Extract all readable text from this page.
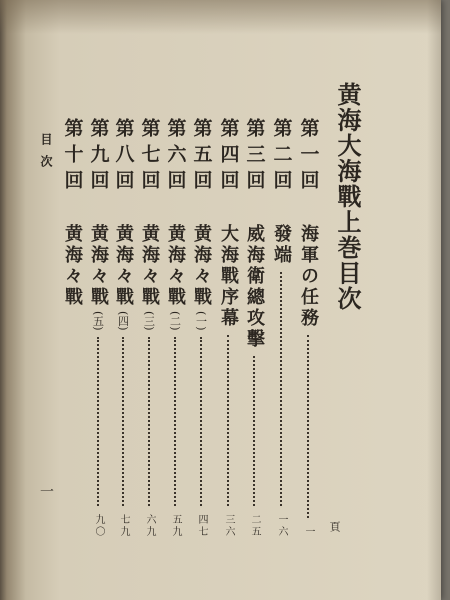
黄海大海戰上巻目次
頁
第一回
海軍の任務
一
第二回
發端
一六
第三回
威海衛總攻擊
二五
第四回
大海戰序幕
三六
第五回
黄海々戰
(一)
四七
第六回
黄海々戰
(二)
五九
第七回
黄海々戰
(三)
六九
第八回
黄海々戰
(四)
七九
第九回
黄海々戰
(五)
九〇
第十回
黄海々戰
目次
一
